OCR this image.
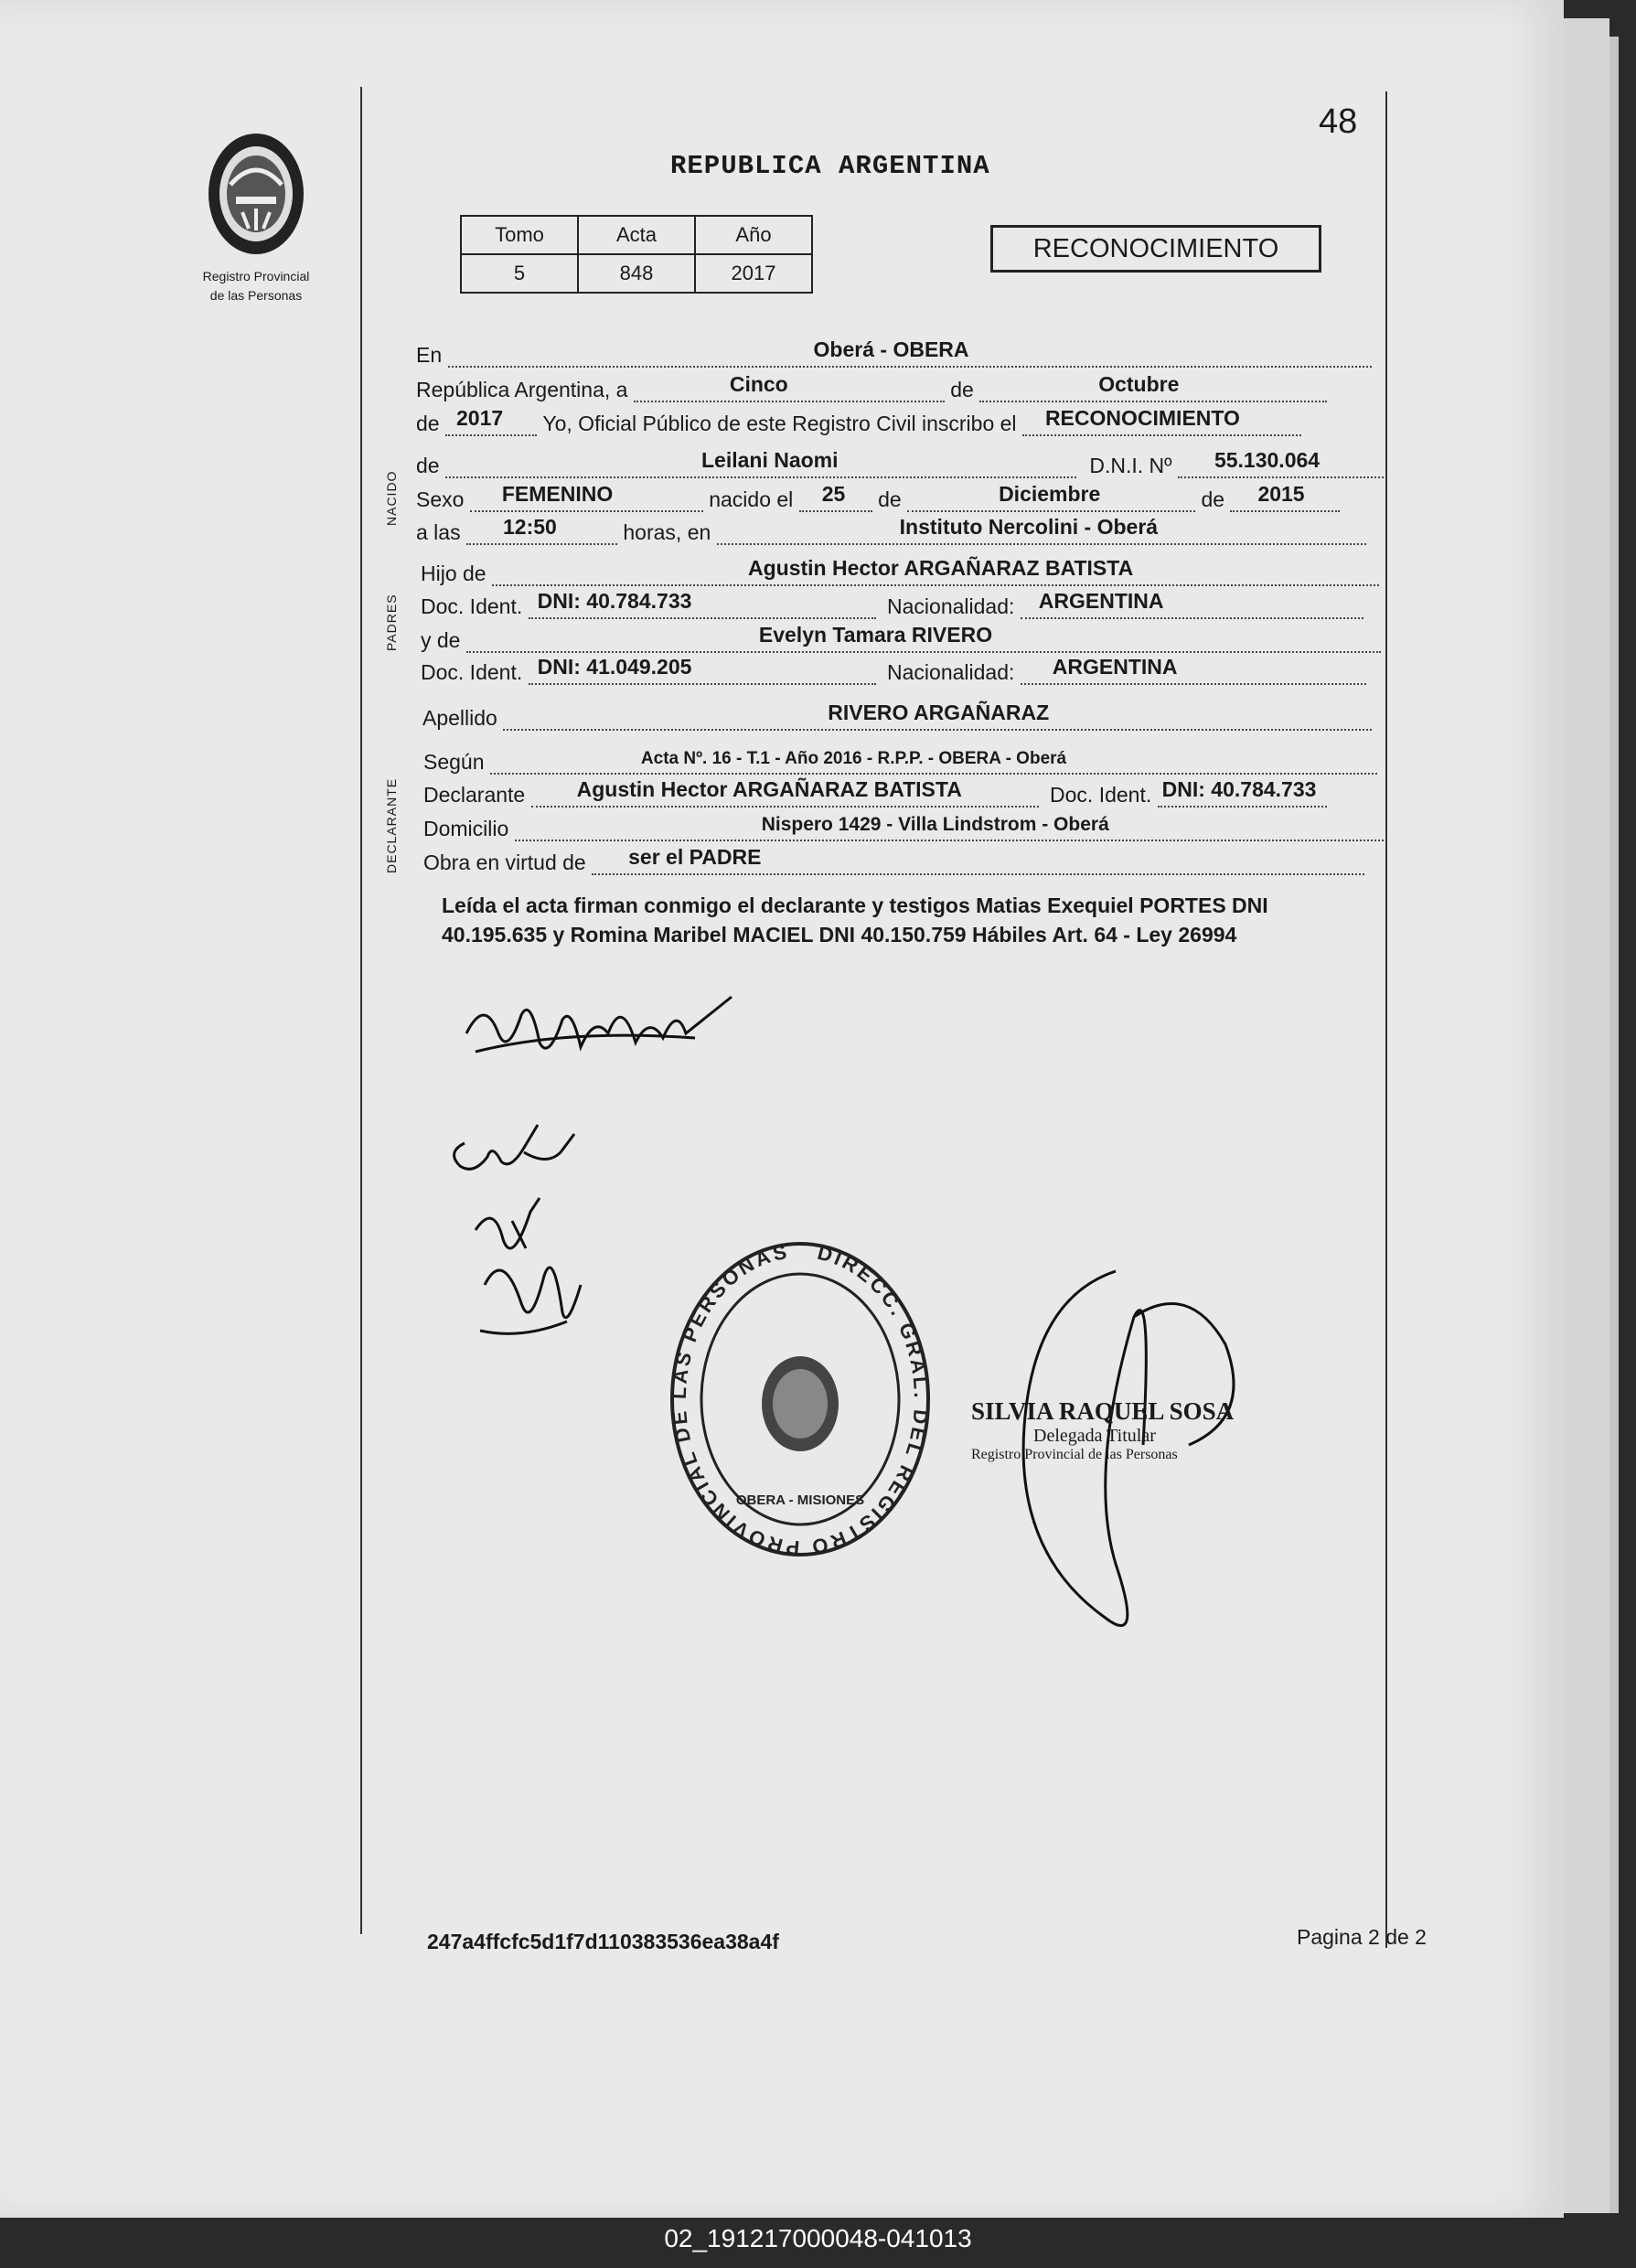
Registro Provincial
de las Personas
48
REPUBLICA ARGENTINA
Tomo	Acta	Año
5	848	2017
RECONOCIMIENTO
NACIDO
PADRES
DECLARANTE
En	Oberá - OBERA
República Argentina, a	Cinco	de	Octubre
de 2017 Yo, Oficial Público de este Registro Civil inscribo el RECONOCIMIENTO
de	Leilani Naomi	D.N.I. Nº 55.130.064
Sexo FEMENINO	nacido el 25 de	Diciembre	de 2015
a las 12:50	horas, en	Instituto Nercolini - Oberá
Hijo de	Agustin Hector ARGAÑARAZ BATISTA
Doc. Ident. DNI: 40.784.733	Nacionalidad: ARGENTINA
y de	Evelyn Tamara RIVERO
Doc. Ident. DNI: 41.049.205	Nacionalidad: ARGENTINA
Apellido	RIVERO ARGAÑARAZ
Según	Acta Nº. 16 - T.1 - Año 2016 - R.P.P. - OBERA - Oberá
Declarante Agustin Hector ARGAÑARAZ BATISTA	Doc. Ident. DNI: 40.784.733
Domicilio	Nispero 1429 - Villa Lindstrom - Oberá
Obra en virtud de ser el PADRE
Leída el acta firman conmigo el declarante y testigos Matias Exequiel PORTES DNI 40.195.635 y Romina Maribel MACIEL DNI 40.150.759 Hábiles Art. 64 - Ley 26994
DIRECC. GRAL. DEL REGISTRO PROVINCIAL DE LAS PERSONAS
OBERA - MISIONES
SILVIA RAQUEL SOSA
Delegada Titular
Registro Provincial de las Personas
247a4ffcfc5d1f7d110383536ea38a4f	Pagina 2 de 2
02_191217000048-041013
